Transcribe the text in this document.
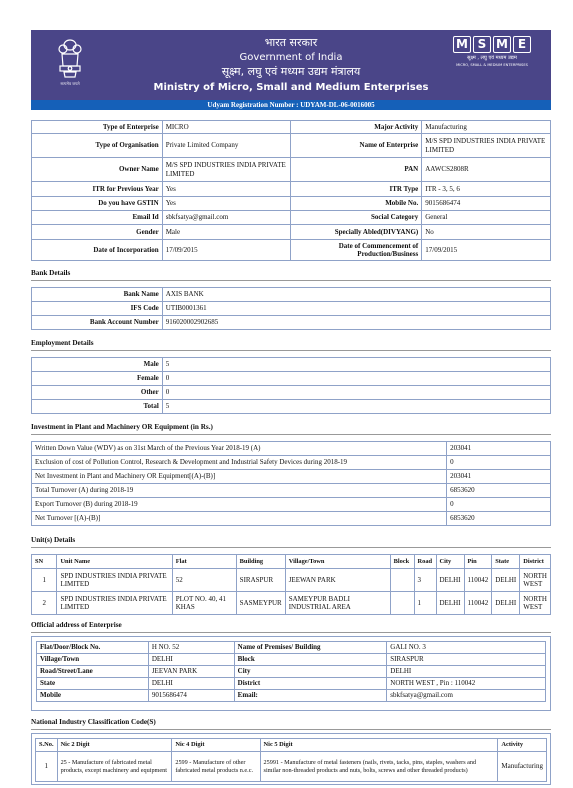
सत्यमेव जयते
भारत सरकार
Government of India
सूक्ष्म, लघु एवं मध्यम उद्यम मंत्रालय
Ministry of Micro, Small and Medium Enterprises
M S M E
सूक्ष्म , लघु एवं मध्यम उद्यम
MICRO, SMALL & MEDIUM ENTERPRISES
Udyam Registration Number : UDYAM-DL-06-0016005
Type of Enterprise	MICRO	Major Activity	Manufacturing
Type of Organisation	Private Limited Company	Name of Enterprise	M/S SPD INDUSTRIES INDIA PRIVATE LIMITED
Owner Name	M/S SPD INDUSTRIES INDIA PRIVATE LIMITED	PAN	AAWCS2808R
ITR for Previous Year	Yes	ITR Type	ITR - 3, 5, 6
Do you have GSTIN	Yes	Mobile No.	9015686474
Email Id	sbkfsatya@gmail.com	Social Category	General
Gender	Male	Specially Abled(DIVYANG)	No
Date of Incorporation	17/09/2015	Date of Commencement of Production/Business	17/09/2015
Bank Details
Bank Name	AXIS BANK
IFS Code	UTIB0001361
Bank Account Number	916020002902685
Employment Details
Male	5
Female	0
Other	0
Total	5
Investment in Plant and Machinery OR Equipment (in Rs.)
Written Down Value (WDV) as on 31st March of the Previous Year 2018-19 (A)	203041
Exclusion of cost of Pollution Control, Research & Development and Industrial Safety Devices during 2018-19	0
Net Investment in Plant and Machinery OR Equipment[(A)-(B)]	203041
Total Turnover (A) during 2018-19	6853620
Export Turnover (B) during 2018-19	0
Net Turnover [(A)-(B)]	6853620
Unit(s) Details
SN	Unit Name	Flat	Building	Village/Town	Block	Road	City	Pin	State	District
1	SPD INDUSTRIES INDIA PRIVATE LIMITED	52	SIRASPUR	JEEWAN PARK		3	DELHI	110042	DELHI	NORTH WEST
2	SPD INDUSTRIES INDIA PRIVATE LIMITED	PLOT NO. 40, 41 KHAS	SASMEYPUR	SAMEYPUR BADLI INDUSTRIAL AREA		1	DELHI	110042	DELHI	NORTH WEST
Official address of Enterprise
Flat/Door/Block No.	H NO. 52	Name of Premises/ Building	GALI NO. 3
Village/Town	DELHI	Block	SIRASPUR
Road/Street/Lane	JEEVAN PARK	City	DELHI
State	DELHI	District	NORTH WEST , Pin : 110042
Mobile	9015686474	Email:	sbkfsatya@gmail.com
National Industry Classification Code(S)
S.No.	Nic 2 Digit	Nic 4 Digit	Nic 5 Digit	Activity
1	25 - Manufacture of fabricated metal products, except machinery and equipment	2599 - Manufacture of other fabricated metal products n.e.c.	25991 - Manufacture of metal fasteners (nails, rivets, tacks, pins, staples, washers and similar non-threaded products and nuts, bolts, screws and other threaded products)	Manufacturing
